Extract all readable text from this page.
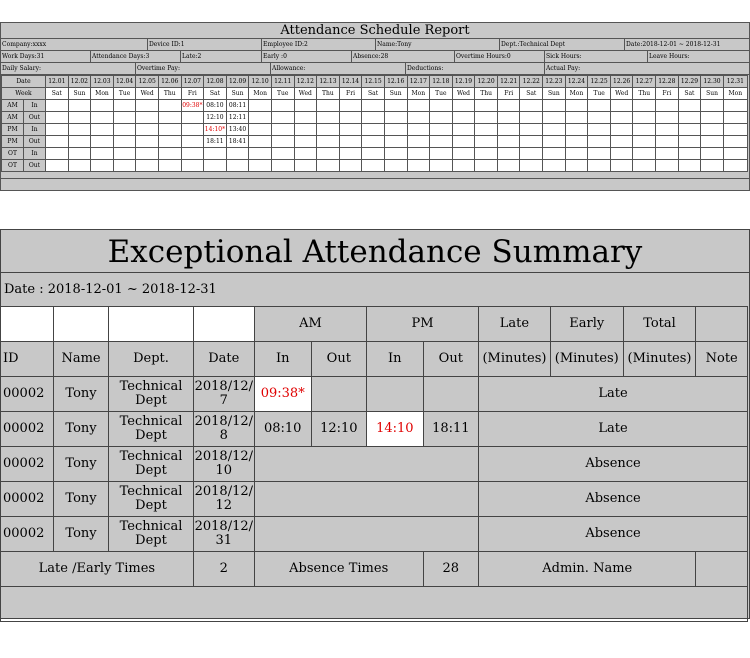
Attendance Schedule Report
Company:xxxx	Device ID:1	Employee ID:2	Name:Tony	Dept.:Technical Dept	Date:2018-12-01 ~ 2018-12-31
Work Days:31	Attendance Days:3	Late:2	Early :0	Absence:28	Overtime Hours:0	Sick Hours:	Leave Hours:
Daily Salary:	Overtime Pay:	Allowance:	Deductions:	Actual Pay:
Date		12.01	12.02	12.03	12.04	12.05	12.06	12.07	12.08	12.09	12.10	12.11	12.12	12.13	12.14	12.15	12.16	12.17	12.18	12.19	12.20	12.21	12.22	12.23	12.24	12.25	12.26	12.27	12.28	12.29	12.30	12.31
Week		Sat	Sun	Mon	Tue	Wed	Thu	Fri	Sat	Sun	Mon	Tue	Wed	Thu	Fri	Sat	Sun	Mon	Tue	Wed	Thu	Fri	Sat	Sun	Mon	Tue	Wed	Thu	Fri	Sat	Sun	Mon
AM	In							09:38*	08:10	08:11																						
AM	Out								12:10	12:11																						
PM	In								14:10*	13:40																						
PM	Out								18:11	18:41																						
OT	In																															
OT	Out																															
Exceptional Attendance Summary
Date : 2018-12-01 ~ 2018-12-31
				AM		PM		Late	Early	Total	
ID	Name	Dept.	Date	In	Out	In	Out	(Minutes)	(Minutes)	(Minutes)	Note
00002	Tony	Technical Dept	2018/12/7	09:38*				Late			
00002	Tony	Technical Dept	2018/12/8	08:10	12:10	14:10	18:11	Late			
00002	Tony	Technical Dept	2018/12/10					Absence			
00002	Tony	Technical Dept	2018/12/12					Absence			
00002	Tony	Technical Dept	2018/12/31					Absence			
Late /Early Times			2	Absence Times			28	Admin. Name			
